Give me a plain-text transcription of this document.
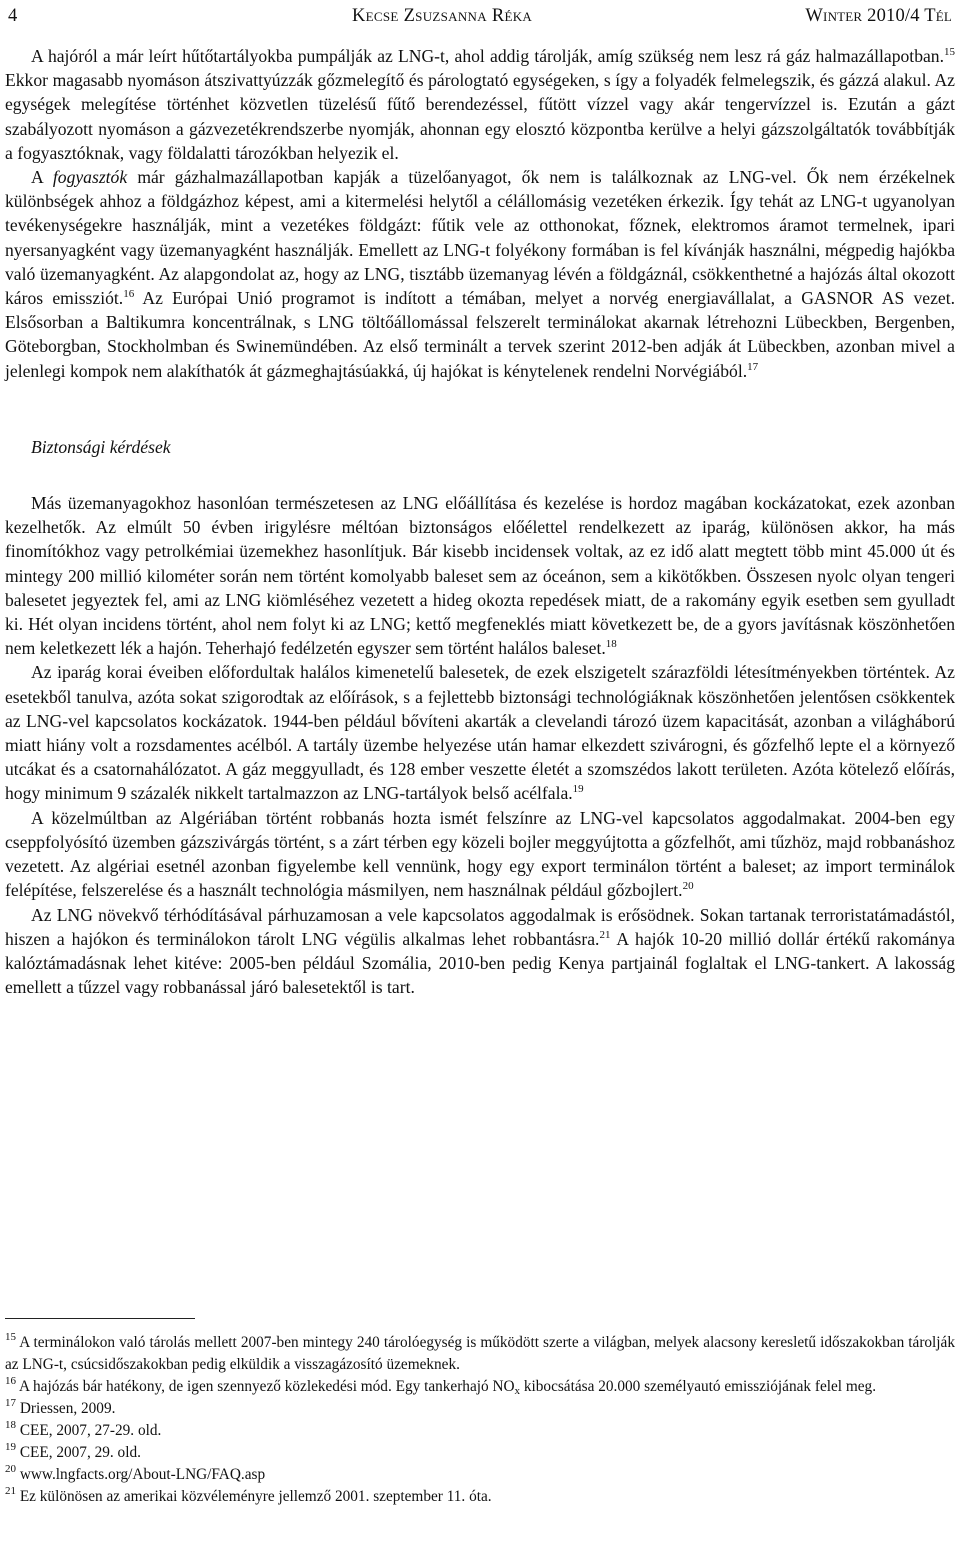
4	Kecse Zsuzsanna Réka	Winter 2010/4 Tél

A hajóról a már leírt hűtőtartályokba pumpálják az LNG-t, ahol addig tárolják, amíg szükség nem lesz rá gáz halmazállapotban.$^{15}$ Ekkor magasabb nyomáson átszivattyúzzák gőzmelegítő és párologtató egységeken, s így a folyadék felmelegszik, és gázzá alakul. Az egységek melegítése történhet közvetlen tüzelésű fűtő berendezéssel, fűtött vízzel vagy akár tengervízzel is. Ezután a gázt szabályozott nyomáson a gázvezetékrendszerbe nyomják, ahonnan egy elosztó központba kerülve a helyi gázszolgáltatók továbbítják a fogyasztóknak, vagy földalatti tározókban helyezik el.

A fogyasztók már gázhalmazállapotban kapják a tüzelőanyagot, ők nem is találkoznak az LNG-vel. Ők nem érzékelnek különbségek ahhoz a földgázhoz képest, ami a kitermelési helytől a célállomásig vezetéken érkezik. Így tehát az LNG-t ugyanolyan tevékenységekre használják, mint a vezetékes földgázt: fűtik vele az otthonokat, főznek, elektromos áramot termelnek, ipari nyersanyagként vagy üzemanyagként használják. Emellett az LNG-t folyékony formában is fel kívánják használni, mégpedig hajókba való üzemanyagként. Az alapgondolat az, hogy az LNG, tisztább üzemanyag lévén a földgáznál, csökkenthetné a hajózás által okozott káros emissziót.$^{16}$ Az Európai Unió programot is indított a témában, melyet a norvég energiavállalat, a GASNOR AS vezet. Elsősorban a Baltikumra koncentrálnak, s LNG töltőállomással felszerelt terminálokat akarnak létrehozni Lübeckben, Bergenben, Göteborgban, Stockholmban és Swinemündében. Az első terminált a tervek szerint 2012-ben adják át Lübeckben, azonban mivel a jelenlegi kompok nem alakíthatók át gázmeghajtásúakká, új hajókat is kénytelenek rendelni Norvégiából.$^{17}$

Biztonsági kérdések

Más üzemanyagokhoz hasonlóan természetesen az LNG előállítása és kezelése is hordoz magában kockázatokat, ezek azonban kezelhetők. Az elmúlt 50 évben irigylésre méltóan biztonságos előélettel rendelkezett az iparág, különösen akkor, ha más finomítókhoz vagy petrolkémiai üzemekhez hasonlítjuk. Bár kisebb incidensek voltak, az ez idő alatt megtett több mint 45.000 út és mintegy 200 millió kilométer során nem történt komolyabb baleset sem az óceánon, sem a kikötőkben. Összesen nyolc olyan tengeri balesetet jegyeztek fel, ami az LNG kiömléséhez vezetett a hideg okozta repedések miatt, de a rakomány egyik esetben sem gyulladt ki. Hét olyan incidens történt, ahol nem folyt ki az LNG; kettő megfeneklés miatt következett be, de a gyors javításnak köszönhetően nem keletkezett lék a hajón. Teherhajó fedélzetén egyszer sem történt halálos baleset.$^{18}$

Az iparág korai éveiben előfordultak halálos kimenetelű balesetek, de ezek elszigetelt szárazföldi létesítményekben történtek. Az esetekből tanulva, azóta sokat szigorodtak az előírások, s a fejlettebb biztonsági technológiáknak köszönhetően jelentősen csökkentek az LNG-vel kapcsolatos kockázatok. 1944-ben például bővíteni akarták a clevelandi tározó üzem kapacitását, azonban a világháború miatt hiány volt a rozsdamentes acélból. A tartály üzembe helyezése után hamar elkezdett szivárogni, és gőzfelhő lepte el a környező utcákat és a csatornahálózatot. A gáz meggyulladt, és 128 ember veszette életét a szomszédos lakott területen. Azóta kötelező előírás, hogy minimum 9 százalék nikkelt tartalmazzon az LNG-tartályok belső acélfala.$^{19}$

A közelmúltban az Algériában történt robbanás hozta ismét felszínre az LNG-vel kapcsolatos aggodalmakat. 2004-ben egy cseppfolyósító üzemben gázszivárgás történt, s a zárt térben egy közeli bojler meggyújtotta a gőzfelhőt, ami tűzhöz, majd robbanáshoz vezetett. Az algériai esetnél azonban figyelembe kell vennünk, hogy egy export terminálon történt a baleset; az import terminálok felépítése, felszerelése és a használt technológia másmilyen, nem használnak például gőzbojlert.$^{20}$

Az LNG növekvő térhódításával párhuzamosan a vele kapcsolatos aggodalmak is erősödnek. Sokan tartanak terroristatámadástól, hiszen a hajókon és terminálokon tárolt LNG végülis alkalmas lehet robbantásra.$^{21}$ A hajók 10-20 millió dollár értékű rakománya kalóztámadásnak lehet kitéve: 2005-ben például Szomália, 2010-ben pedig Kenya partjainál foglaltak el LNG-tankert. A lakosság emellett a tűzzel vagy robbanással járó balesetektől is tart.

$^{15}$ A terminálokon való tárolás mellett 2007-ben mintegy 240 tárolóegység is működött szerte a világban, melyek alacsony keresletű időszakokban tárolják az LNG-t, csúcsidőszakokban pedig elküldik a visszagázosító üzemeknek.

$^{16}$ A hajózás bár hatékony, de igen szennyező közlekedési mód. Egy tankerhajó $NO_x$ kibocsátása 20.000 személyautó emissziójának felel meg.

$^{17}$ Driessen, 2009.

$^{18}$ CEE, 2007, 27-29. old.

$^{19}$ CEE, 2007, 29. old.

$^{20}$ www.lngfacts.org/About-LNG/FAQ.asp

$^{21}$ Ez különösen az amerikai közvéleményre jellemző 2001. szeptember 11. óta.
